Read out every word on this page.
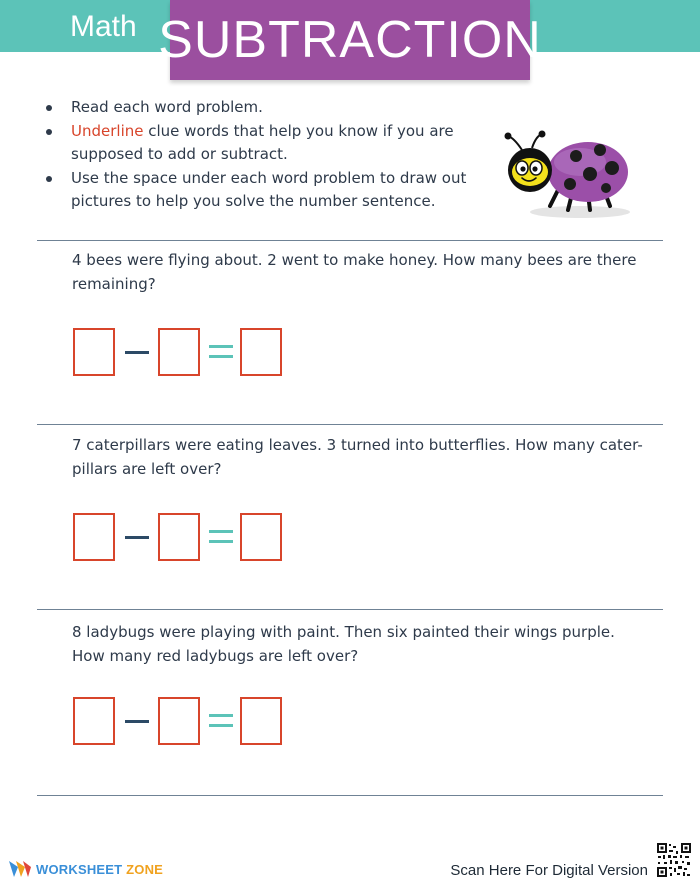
Math SUBTRACTION
Read each word problem.
Underline clue words that help you know if you are supposed to add or subtract.
Use the space under each word problem to draw out pictures to help you solve the number sentence.
4 bees were flying about. 2 went to make honey. How many bees are there
remaining?
7 caterpillars were eating leaves. 3 turned into butterflies. How many cater-
pillars are left over?
8 ladybugs were playing with paint. Then six painted their wings purple.
How many red ladybugs are left over?
WORKSHEET ZONE	Scan Here For Digital Version
